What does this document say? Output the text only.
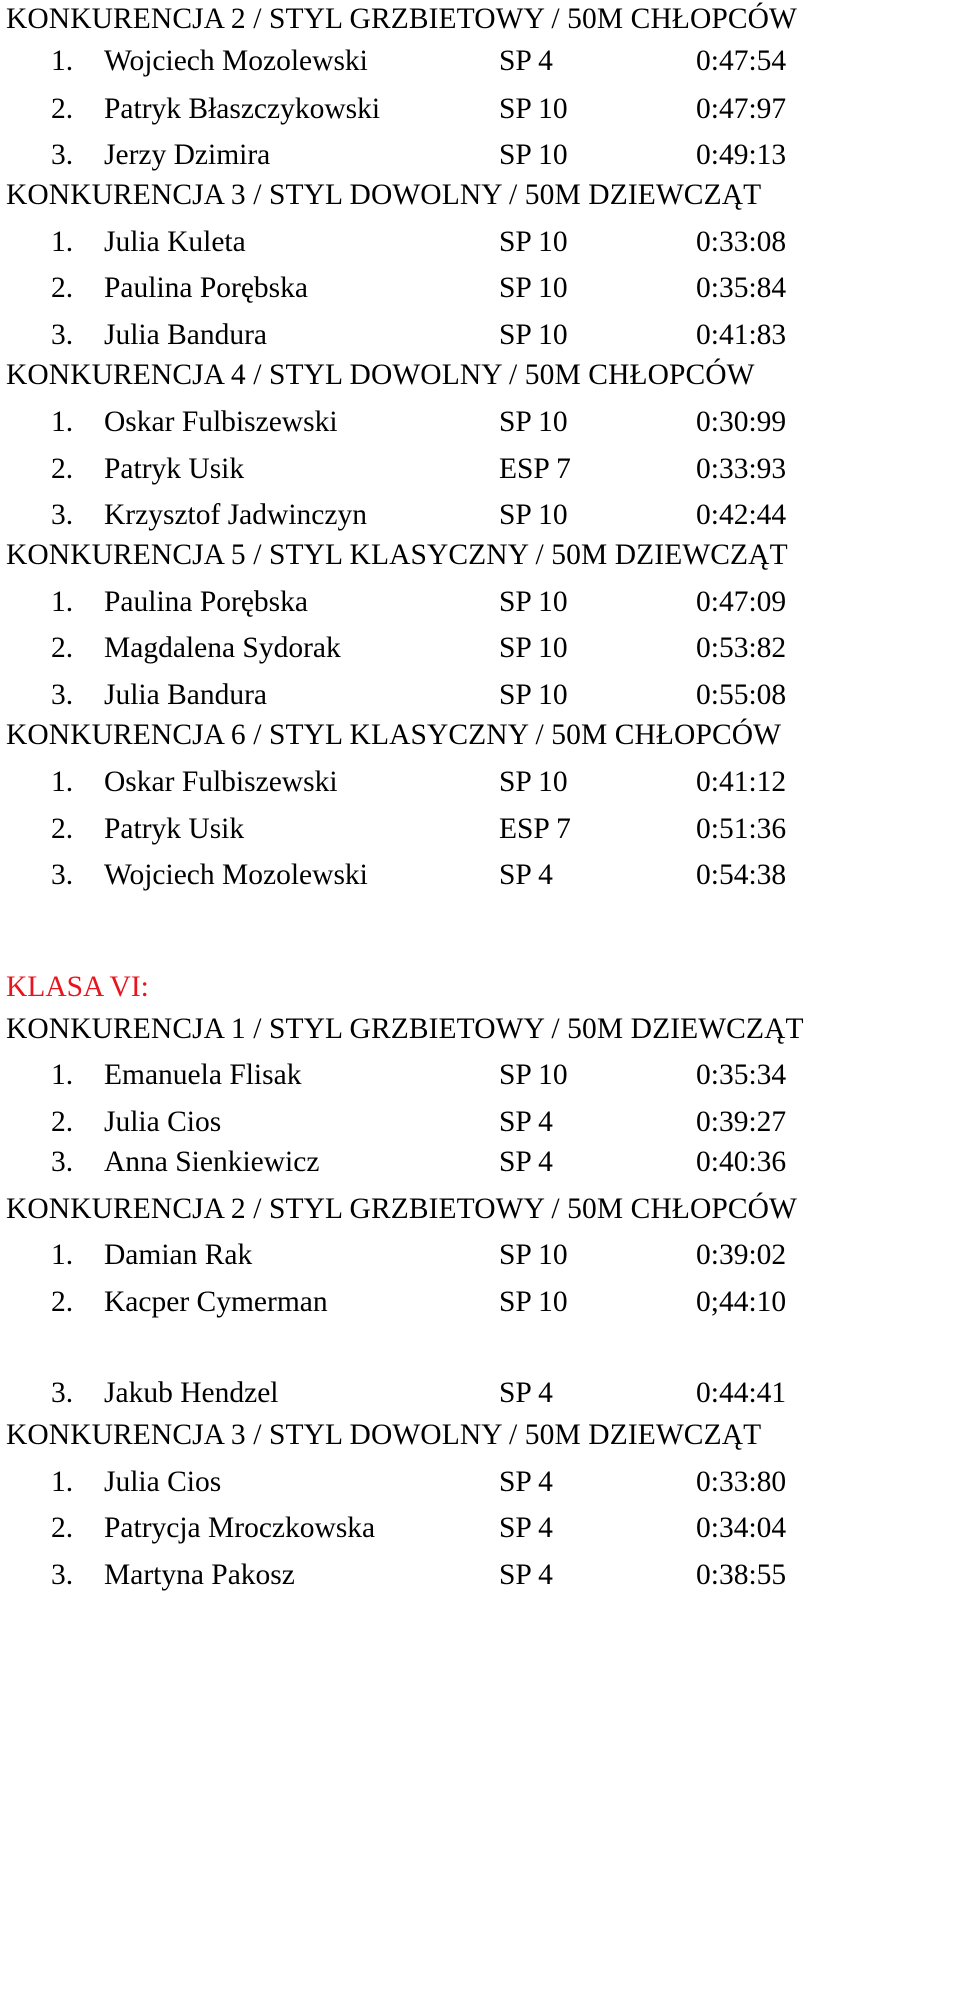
KONKURENCJA 2 / STYL GRZBIETOWY / 50M CHŁOPCÓW
1. Wojciech Mozolewski	SP 4	0:47:54
2. Patryk Błaszczykowski	SP 10	0:47:97
3. Jerzy Dzimira	SP 10	0:49:13
KONKURENCJA 3 / STYL DOWOLNY / 50M DZIEWCZĄT
1. Julia Kuleta	SP 10	0:33:08
2. Paulina Porębska	SP 10	0:35:84
3. Julia Bandura	SP 10	0:41:83
KONKURENCJA 4 / STYL DOWOLNY / 50M CHŁOPCÓW
1. Oskar Fulbiszewski	SP 10	0:30:99
2. Patryk Usik	ESP 7	0:33:93
3. Krzysztof Jadwinczyn	SP 10	0:42:44
KONKURENCJA 5 / STYL KLASYCZNY / 50M DZIEWCZĄT
1. Paulina Porębska	SP 10	0:47:09
2. Magdalena Sydorak	SP 10	0:53:82
3. Julia Bandura	SP 10	0:55:08
KONKURENCJA 6 / STYL KLASYCZNY / 50M CHŁOPCÓW
1. Oskar Fulbiszewski	SP 10	0:41:12
2. Patryk Usik	ESP 7	0:51:36
3. Wojciech Mozolewski	SP 4	0:54:38
KLASA VI:
KONKURENCJA 1 / STYL GRZBIETOWY / 50M DZIEWCZĄT
1. Emanuela Flisak	SP 10	0:35:34
2. Julia Cios	SP 4	0:39:27
3. Anna Sienkiewicz	SP 4	0:40:36
KONKURENCJA 2 / STYL GRZBIETOWY / 50M CHŁOPCÓW
1. Damian Rak	SP 10	0:39:02
2. Kacper Cymerman	SP 10	0;44:10
3. Jakub Hendzel	SP 4	0:44:41
KONKURENCJA 3 / STYL DOWOLNY / 50M DZIEWCZĄT
1. Julia Cios	SP 4	0:33:80
2. Patrycja Mroczkowska	SP 4	0:34:04
3. Martyna Pakosz	SP 4	0:38:55
